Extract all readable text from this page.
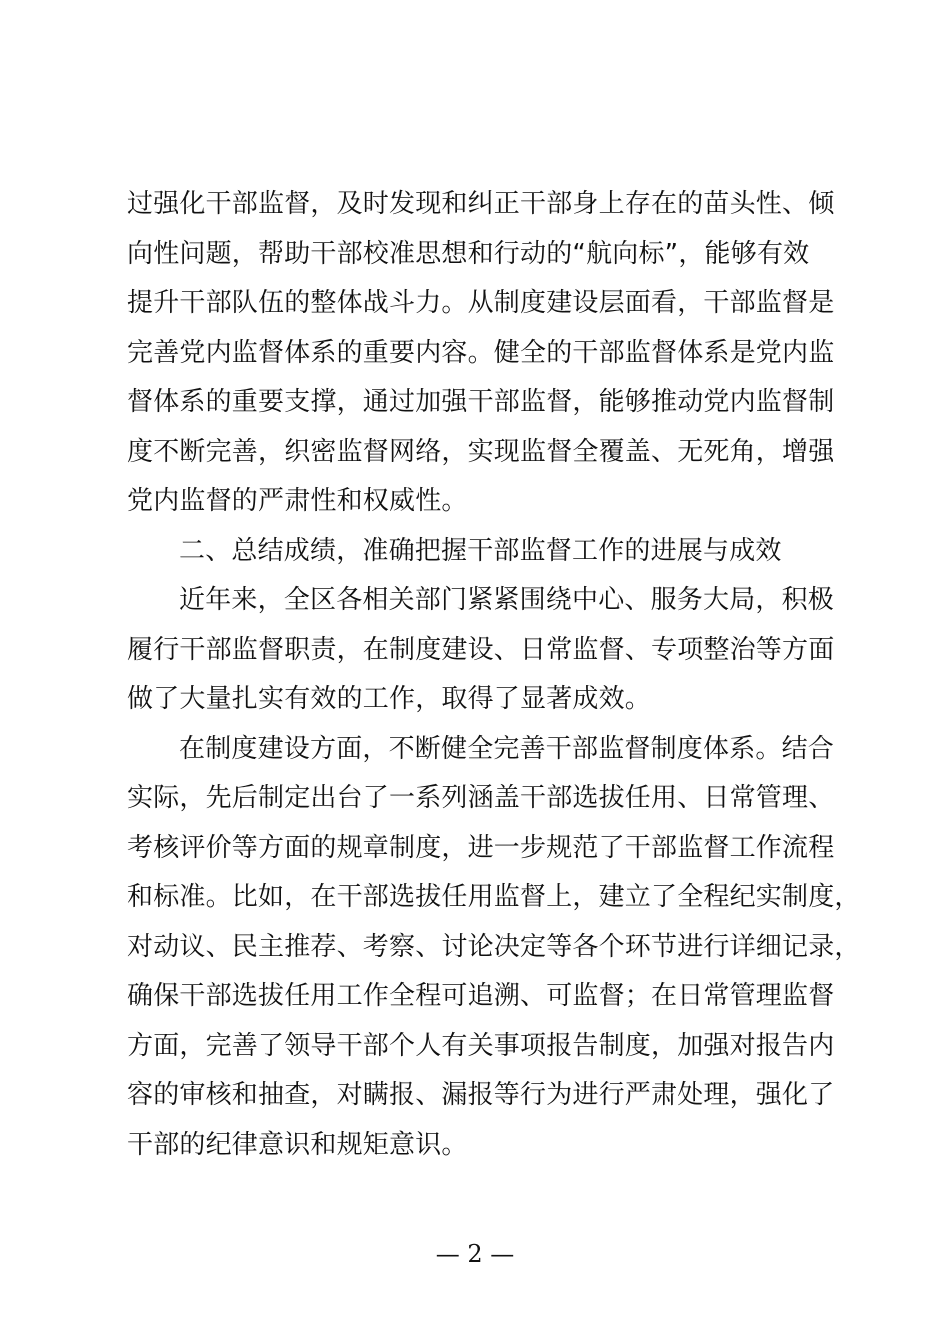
过强化干部监督，及时发现和纠正干部身上存在的苗头性、倾
向性问题，帮助干部校准思想和行动的“航向标”，能够有效
提升干部队伍的整体战斗力。从制度建设层面看，干部监督是
完善党内监督体系的重要内容。健全的干部监督体系是党内监
督体系的重要支撑，通过加强干部监督，能够推动党内监督制
度不断完善，织密监督网络，实现监督全覆盖、无死角，增强
党内监督的严肃性和权威性。
二、总结成绩，准确把握干部监督工作的进展与成效
近年来，全区各相关部门紧紧围绕中心、服务大局，积极
履行干部监督职责，在制度建设、日常监督、专项整治等方面
做了大量扎实有效的工作，取得了显著成效。
在制度建设方面，不断健全完善干部监督制度体系。结合
实际，先后制定出台了一系列涵盖干部选拔任用、日常管理、
考核评价等方面的规章制度，进一步规范了干部监督工作流程
和标准。比如，在干部选拔任用监督上，建立了全程纪实制度，
对动议、民主推荐、考察、讨论决定等各个环节进行详细记录，
确保干部选拔任用工作全程可追溯、可监督；在日常管理监督
方面，完善了领导干部个人有关事项报告制度，加强对报告内
容的审核和抽查，对瞒报、漏报等行为进行严肃处理，强化了
干部的纪律意识和规矩意识。
— 2 —
